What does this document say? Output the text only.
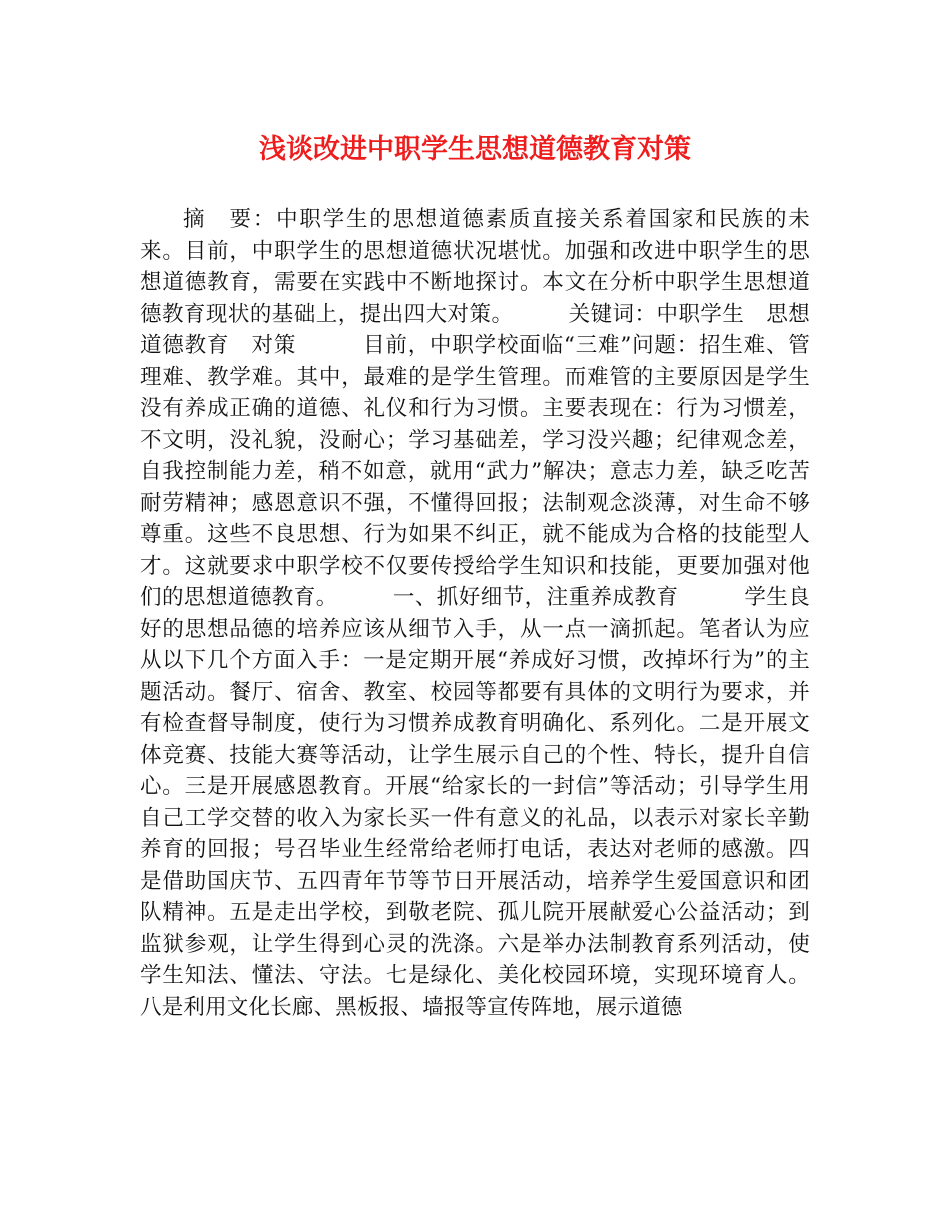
浅谈改进中职学生思想道德教育对策

摘　要：中职学生的思想道德素质直接关系着国家和民族的未来。目前，中职学生的思想道德状况堪忧。加强和改进中职学生的思想道德教育，需要在实践中不断地探讨。本文在分析中职学生思想道德教育现状的基础上，提出四大对策。　　　关键词：中职学生　思想道德教育　对策　　　目前，中职学校面临“三难”问题：招生难、管理难、教学难。其中，最难的是学生管理。而难管的主要原因是学生没有养成正确的道德、礼仪和行为习惯。主要表现在：行为习惯差，不文明，没礼貌，没耐心；学习基础差，学习没兴趣；纪律观念差，自我控制能力差，稍不如意，就用“武力”解决；意志力差，缺乏吃苦耐劳精神；感恩意识不强，不懂得回报；法制观念淡薄，对生命不够尊重。这些不良思想、行为如果不纠正，就不能成为合格的技能型人才。这就要求中职学校不仅要传授给学生知识和技能，更要加强对他们的思想道德教育。　　　一、抓好细节，注重养成教育　　　学生良好的思想品德的培养应该从细节入手，从一点一滴抓起。笔者认为应从以下几个方面入手：一是定期开展“养成好习惯，改掉坏行为”的主题活动。餐厅、宿舍、教室、校园等都要有具体的文明行为要求，并有检查督导制度，使行为习惯养成教育明确化、系列化。二是开展文体竞赛、技能大赛等活动，让学生展示自己的个性、特长，提升自信心。三是开展感恩教育。开展“给家长的一封信”等活动；引导学生用自己工学交替的收入为家长买一件有意义的礼品，以表示对家长辛勤养育的回报；号召毕业生经常给老师打电话，表达对老师的感激。四是借助国庆节、五四青年节等节日开展活动，培养学生爱国意识和团队精神。五是走出学校，到敬老院、孤儿院开展献爱心公益活动；到监狱参观，让学生得到心灵的洗涤。六是举办法制教育系列活动，使学生知法、懂法、守法。七是绿化、美化校园环境，实现环境育人。八是利用文化长廊、黑板报、墙报等宣传阵地，展示道德
